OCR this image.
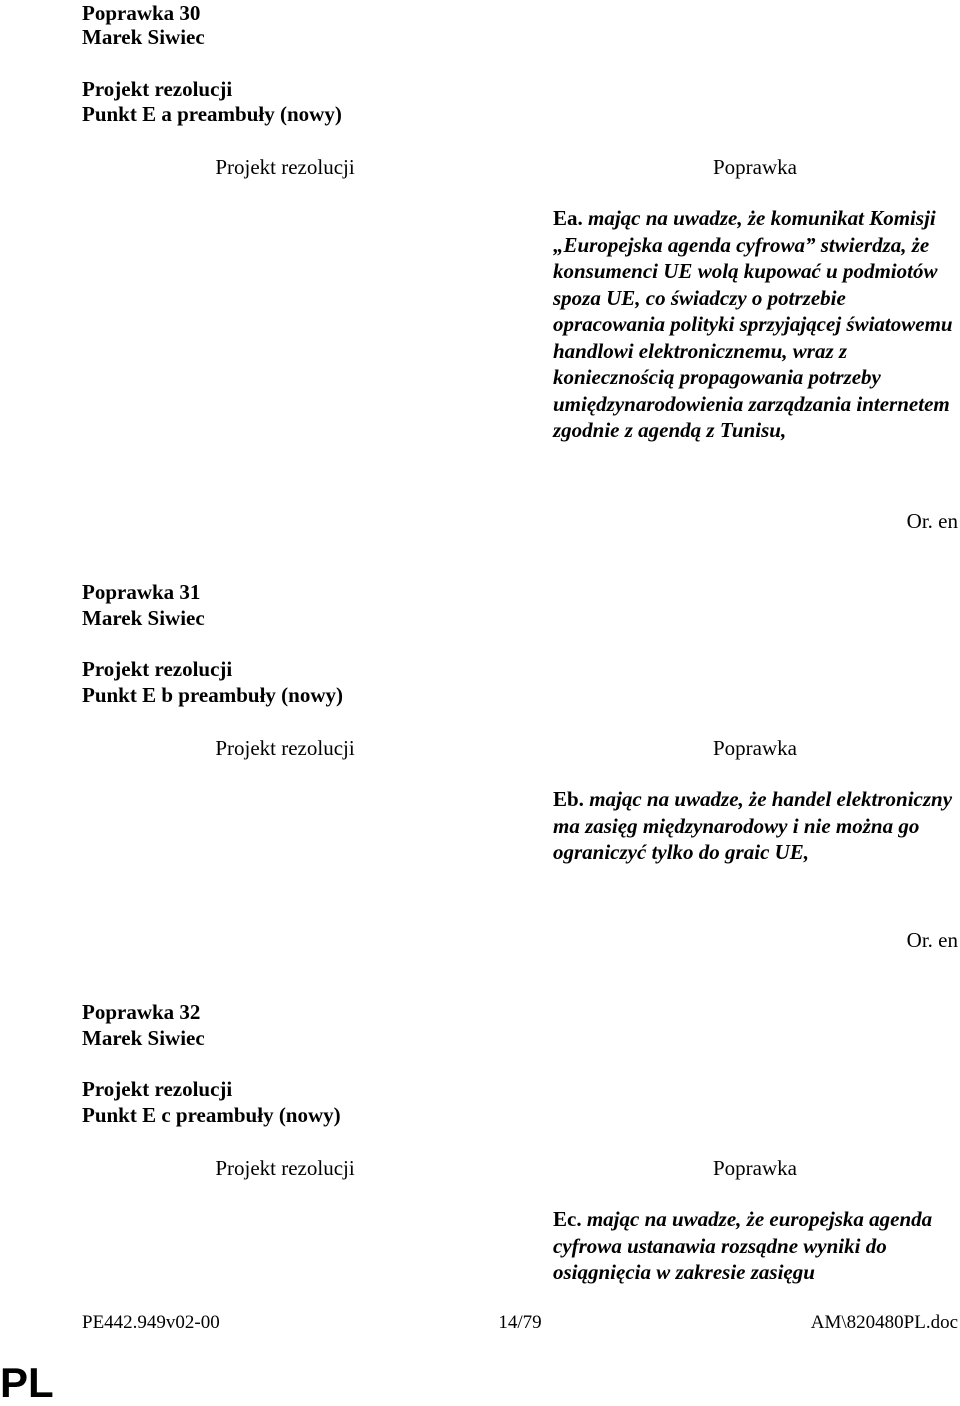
Poprawka 30
Marek Siwiec
Projekt rezolucji
Punkt E a preambuły (nowy)
Projekt rezolucji	Poprawka
Ea. mając na uwadze, że komunikat Komisji „Europejska agenda cyfrowa” stwierdza, że konsumenci UE wolą kupować u podmiotów spoza UE, co świadczy o potrzebie opracowania polityki sprzyjającej światowemu handlowi elektronicznemu, wraz z koniecznością propagowania potrzeby umiędzynarodowienia zarządzania internetem zgodnie z agendą z Tunisu,
Or. en
Poprawka 31
Marek Siwiec
Projekt rezolucji
Punkt E b preambuły (nowy)
Projekt rezolucji	Poprawka
Eb. mając na uwadze, że handel elektroniczny ma zasięg międzynarodowy i nie można go ograniczyć tylko do graic UE,
Or. en
Poprawka 32
Marek Siwiec
Projekt rezolucji
Punkt E c preambuły (nowy)
Projekt rezolucji	Poprawka
Ec. mając na uwadze, że europejska agenda cyfrowa ustanawia rozsądne wyniki do osiągnięcia w zakresie zasięgu
PE442.949v02-00	14/79	AM\820480PL.doc
PL
